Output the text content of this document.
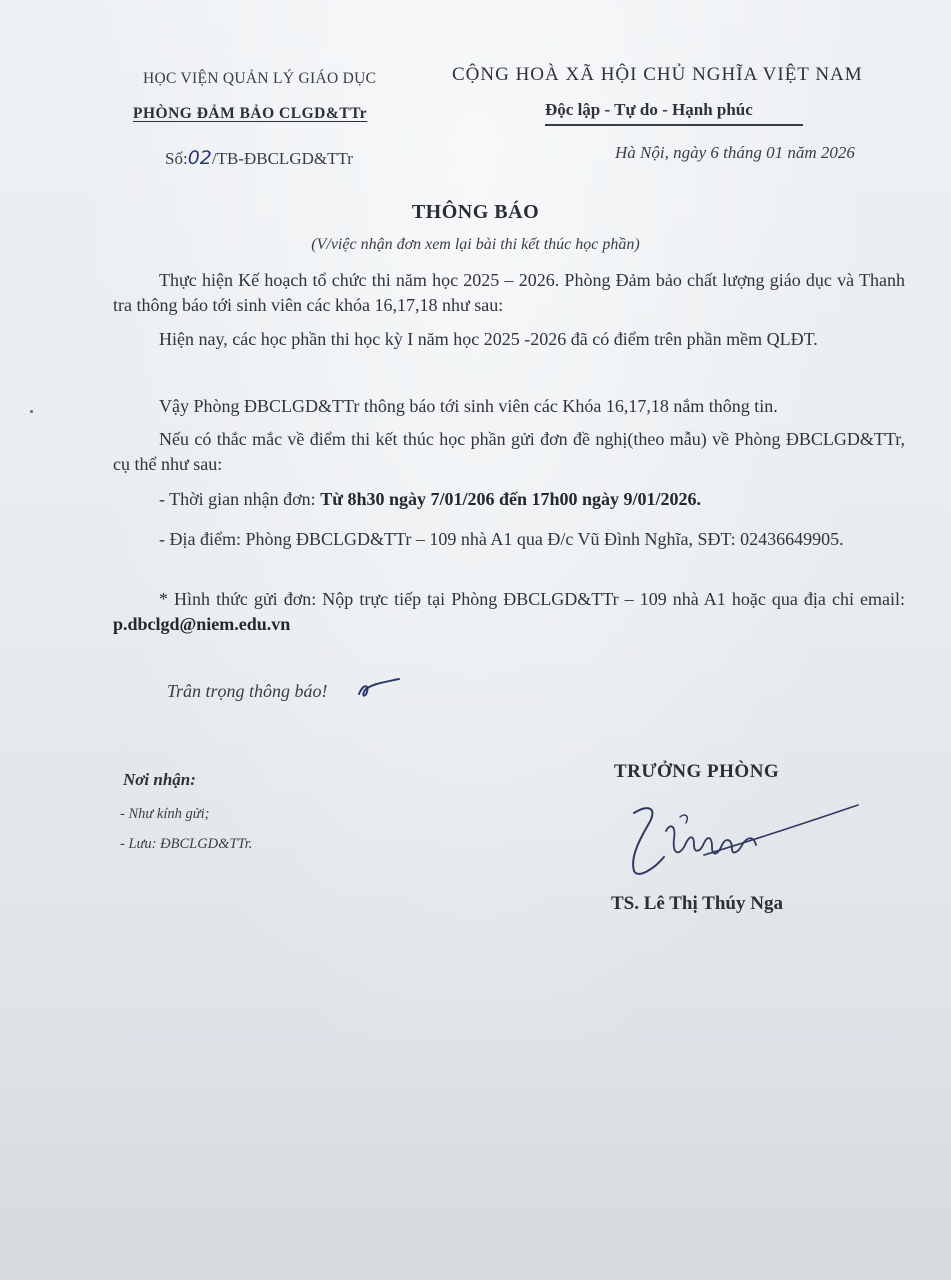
HỌC VIỆN QUẢN LÝ GIÁO DỤC
PHÒNG ĐẢM BẢO CLGD&TTr
Số:02/TB-ĐBCLGD&TTr
CỘNG HOÀ XÃ HỘI CHỦ NGHĨA VIỆT NAM
Độc lập - Tự do - Hạnh phúc
Hà Nội, ngày 6 tháng 01 năm 2026
THÔNG BÁO
(V/việc nhận đơn xem lại bài thi kết thúc học phần)
Thực hiện Kế hoạch tổ chức thi năm học 2025 – 2026. Phòng Đảm bảo chất lượng giáo dục và Thanh tra thông báo tới sinh viên các khóa 16,17,18 như sau:
Hiện nay, các học phần thi học kỳ I năm học 2025 -2026 đã có điểm trên phần mềm QLĐT.
Vậy Phòng ĐBCLGD&TTr thông báo tới sinh viên các Khóa 16,17,18 nắm thông tin.
Nếu có thắc mắc về điểm thi kết thúc học phần gửi đơn đề nghị(theo mẫu) về Phòng ĐBCLGD&TTr, cụ thể như sau:
- Thời gian nhận đơn: Từ 8h30 ngày 7/01/206 đến 17h00 ngày 9/01/2026.
- Địa điểm: Phòng ĐBCLGD&TTr – 109 nhà A1 qua Đ/c Vũ Đình Nghĩa, SĐT: 02436649905.
* Hình thức gửi đơn: Nộp trực tiếp tại Phòng ĐBCLGD&TTr – 109 nhà A1 hoặc qua địa chỉ email: p.dbclgd@niem.edu.vn
Trân trọng thông báo!
Nơi nhận:
- Như kính gửi;
- Lưu: ĐBCLGD&TTr.
TRƯỞNG PHÒNG
TS. Lê Thị Thúy Nga
